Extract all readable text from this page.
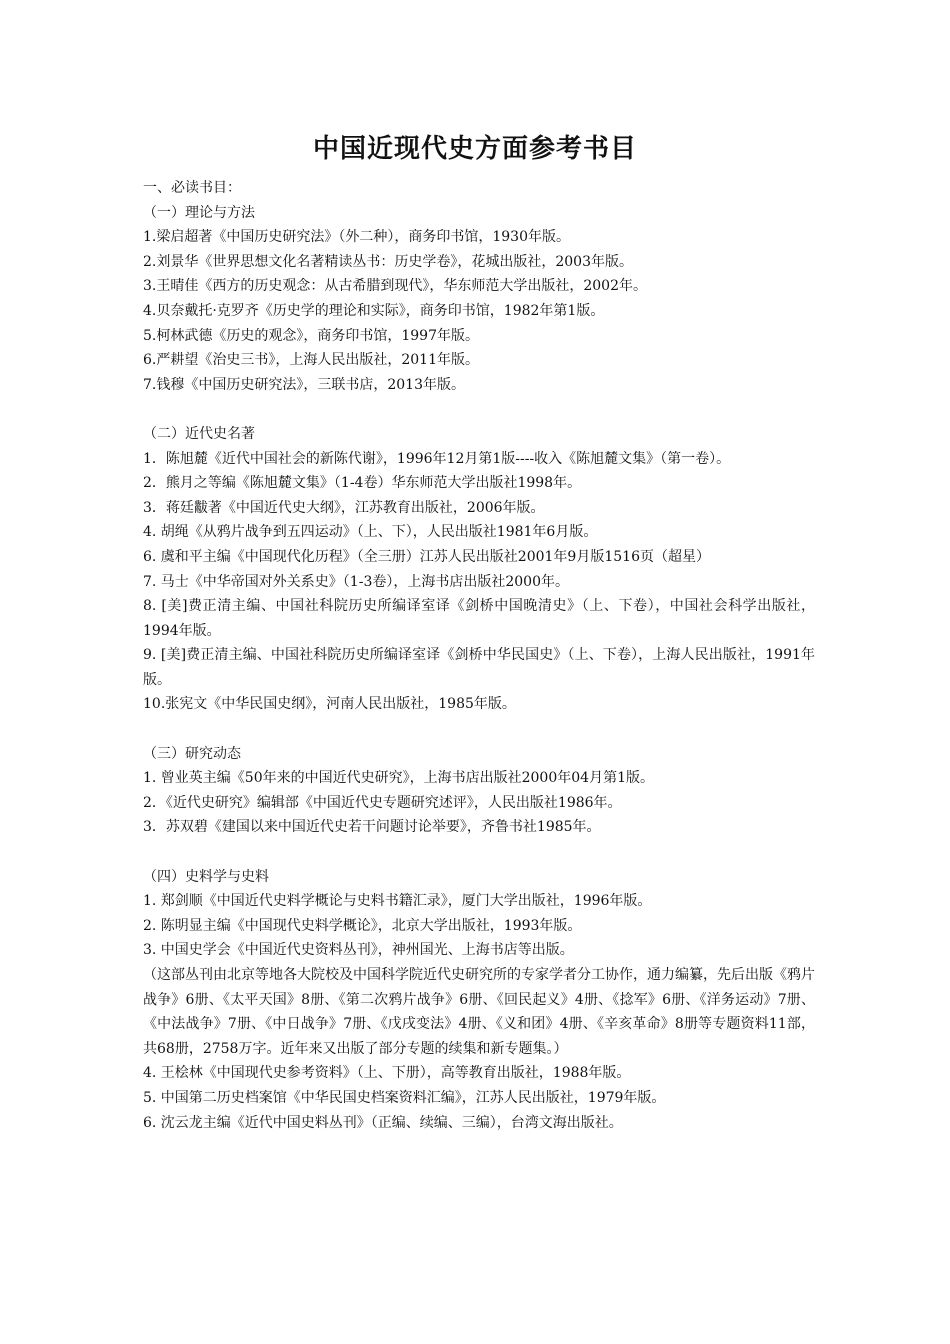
中国近现代史方面参考书目
一、必读书目：
（一）理论与方法
1.梁启超著《中国历史研究法》（外二种），商务印书馆，1930年版。
2.刘景华《世界思想文化名著精读丛书：历史学卷》，花城出版社，2003年版。
3.王晴佳《西方的历史观念：从古希腊到现代》，华东师范大学出版社，2002年。
4.贝奈戴托·克罗齐《历史学的理论和实际》，商务印书馆，1982年第1版。
5.柯林武德《历史的观念》，商务印书馆，1997年版。
6.严耕望《治史三书》，上海人民出版社，2011年版。
7.钱穆《中国历史研究法》，三联书店，2013年版。
（二）近代史名著
1．陈旭麓《近代中国社会的新陈代谢》，1996年12月第1版----收入《陈旭麓文集》（第一卷）。
2．熊月之等编《陈旭麓文集》（1-4卷）华东师范大学出版社1998年。
3．蒋廷黻著《中国近代史大纲》，江苏教育出版社，2006年版。
4. 胡绳《从鸦片战争到五四运动》（上、下），人民出版社1981年6月版。
6. 虞和平主编《中国现代化历程》（全三册）江苏人民出版社2001年9月版1516页（超星）
7. 马士《中华帝国对外关系史》（1-3卷），上海书店出版社2000年。
8. [美]费正清主编、中国社科院历史所编译室译《剑桥中国晚清史》（上、下卷），中国社会科学出版社，1994年版。
9. [美]费正清主编、中国社科院历史所编译室译《剑桥中华民国史》（上、下卷），上海人民出版社，1991年版。
10.张宪文《中华民国史纲》，河南人民出版社，1985年版。
（三）研究动态
1. 曾业英主编《50年来的中国近代史研究》，上海书店出版社2000年04月第1版。
2．《近代史研究》编辑部《中国近代史专题研究述评》，人民出版社1986年。
3．苏双碧《建国以来中国近代史若干问题讨论举要》，齐鲁书社1985年。
（四）史料学与史料
1. 郑剑顺《中国近代史料学概论与史料书籍汇录》，厦门大学出版社，1996年版。
2. 陈明显主编《中国现代史料学概论》，北京大学出版社，1993年版。
3. 中国史学会《中国近代史资料丛刊》，神州国光、上海书店等出版。
（这部丛刊由北京等地各大院校及中国科学院近代史研究所的专家学者分工协作，通力编纂，先后出版《鸦片战争》6册、《太平天国》8册、《第二次鸦片战争》6册、《回民起义》4册、《捻军》6册、《洋务运动》7册、《中法战争》7册、《中日战争》7册、《戊戌变法》4册、《义和团》4册、《辛亥革命》8册等专题资料11部，共68册，2758万字。近年来又出版了部分专题的续集和新专题集。）
4. 王桧林《中国现代史参考资料》（上、下册），高等教育出版社，1988年版。
5. 中国第二历史档案馆《中华民国史档案资料汇编》，江苏人民出版社，1979年版。
6. 沈云龙主编《近代中国史料丛刊》（正编、续编、三编），台湾文海出版社。
